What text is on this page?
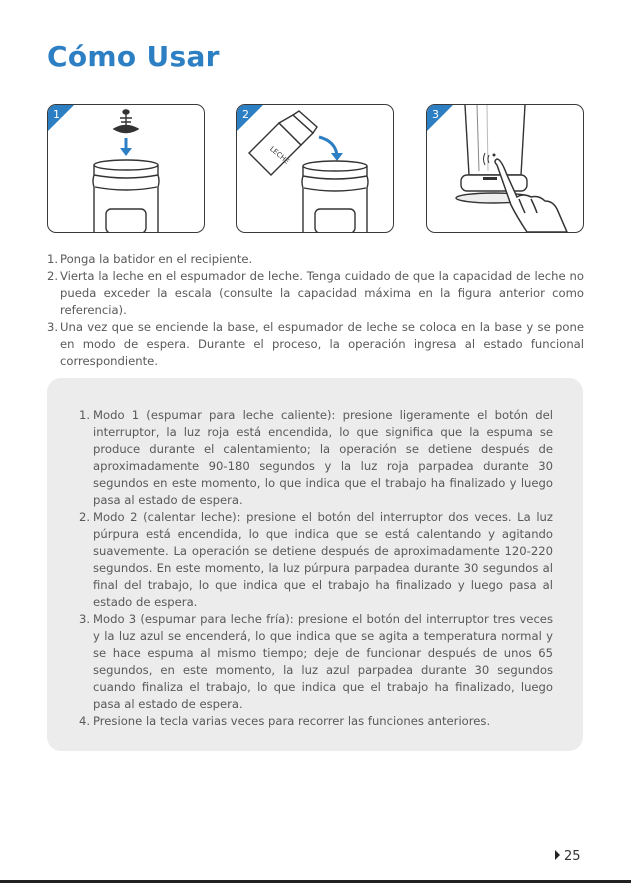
Cómo Usar
1
LECHE
2	3
1. Ponga la batidor en el recipiente.
2. Vierta la leche en el espumador de leche. Tenga cuidado de que la capacidad de leche no pueda exceder la escala (consulte la capacidad máxima en la figura anterior como referencia).
3. Una vez que se enciende la base, el espumador de leche se coloca en la base y se pone en modo de espera. Durante el proceso, la operación ingresa al estado funcional correspondiente.
1. Modo 1 (espumar para leche caliente): presione ligeramente el botón del interruptor, la luz roja está encendida, lo que significa que la espuma se produce durante el calentamiento; la operación se detiene después de aproximadamente 90-180 segundos y la luz roja parpadea durante 30 segundos en este momento, lo que indica que el trabajo ha finalizado y luego pasa al estado de espera.
2. Modo 2 (calentar leche): presione el botón del interruptor dos veces. La luz púrpura está encendida, lo que indica que se está calentando y agitando suavemente. La operación se detiene después de aproximadamente 120-220 segundos. En este momento, la luz púrpura parpadea durante 30 segundos al final del trabajo, lo que indica que el trabajo ha finalizado y luego pasa al estado de espera.
3. Modo 3 (espumar para leche fría): presione el botón del interruptor tres veces y la luz azul se encenderá, lo que indica que se agita a temperatura normal y se hace espuma al mismo tiempo; deje de funcionar después de unos 65 segundos, en este momento, la luz azul parpadea durante 30 segundos cuando finaliza el trabajo, lo que indica que el trabajo ha finalizado, luego pasa al estado de espera.
4. Presione la tecla varias veces para recorrer las funciones anteriores.
25
